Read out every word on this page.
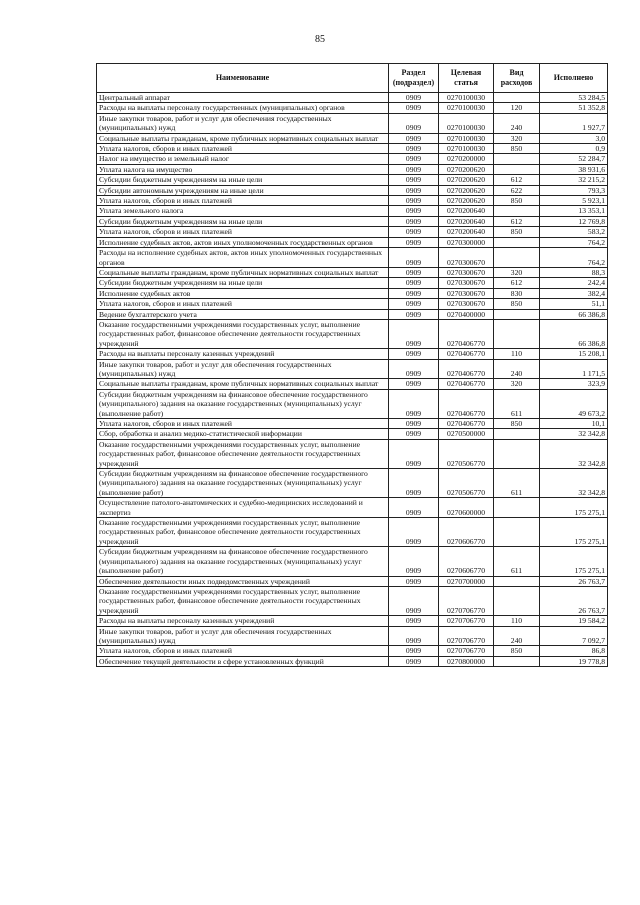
85
Наименование	Раздел (подраздел)	Целевая статья	Вид расходов	Исполнено
Центральный аппарат	0909	0270100030		53 284,5
Расходы на выплаты персоналу государственных (муниципальных) органов	0909	0270100030	120	51 352,8
Иные закупки товаров, работ и услуг для обеспечения государственных (муниципальных) нужд	0909	0270100030	240	1 927,7
Социальные выплаты гражданам, кроме публичных нормативных социальных выплат	0909	0270100030	320	3,0
Уплата налогов, сборов и иных платежей	0909	0270100030	850	0,9
Налог на имущество и земельный налог	0909	0270200000		52 284,7
Уплата налога на имущество	0909	0270200620		38 931,6
Субсидии бюджетным учреждениям на иные цели	0909	0270200620	612	32 215,2
Субсидии автономным учреждениям на иные цели	0909	0270200620	622	793,3
Уплата налогов, сборов и иных платежей	0909	0270200620	850	5 923,1
Уплата земельного налога	0909	0270200640		13 353,1
Субсидии бюджетным учреждениям на иные цели	0909	0270200640	612	12 769,8
Уплата налогов, сборов и иных платежей	0909	0270200640	850	583,2
Исполнение судебных актов, актов иных уполномоченных государственных органов	0909	0270300000		764,2
Расходы на исполнение судебных актов, актов иных уполномоченных государственных органов	0909	0270300670		764,2
Социальные выплаты гражданам, кроме публичных нормативных социальных выплат	0909	0270300670	320	88,3
Субсидии бюджетным учреждениям на иные цели	0909	0270300670	612	242,4
Исполнение судебных актов	0909	0270300670	830	382,4
Уплата налогов, сборов и иных платежей	0909	0270300670	850	51,1
Ведение бухгалтерского учета	0909	0270400000		66 386,8
Оказание государственными учреждениями государственных услуг, выполнение государственных работ, финансовое обеспечение деятельности государственных учреждений	0909	0270406770		66 386,8
Расходы на выплаты персоналу казенных учреждений	0909	0270406770	110	15 208,1
Иные закупки товаров, работ и услуг для обеспечения государственных (муниципальных) нужд	0909	0270406770	240	1 171,5
Социальные выплаты гражданам, кроме публичных нормативных социальных выплат	0909	0270406770	320	323,9
Субсидии бюджетным учреждениям на финансовое обеспечение государственного (муниципального) задания на оказание государственных (муниципальных) услуг (выполнение работ)	0909	0270406770	611	49 673,2
Уплата налогов, сборов и иных платежей	0909	0270406770	850	10,1
Сбор, обработка и анализ медико-статистической информации	0909	0270500000		32 342,8
Оказание государственными учреждениями государственных услуг, выполнение государственных работ, финансовое обеспечение деятельности государственных учреждений	0909	0270506770		32 342,8
Субсидии бюджетным учреждениям на финансовое обеспечение государственного (муниципального) задания на оказание государственных (муниципальных) услуг (выполнение работ)	0909	0270506770	611	32 342,8
Осуществление патолого-анатомических и судебно-медицинских исследований и экспертиз	0909	0270600000		175 275,1
Оказание государственными учреждениями государственных услуг, выполнение государственных работ, финансовое обеспечение деятельности государственных учреждений	0909	0270606770		175 275,1
Субсидии бюджетным учреждениям на финансовое обеспечение государственного (муниципального) задания на оказание государственных (муниципальных) услуг (выполнение работ)	0909	0270606770	611	175 275,1
Обеспечение деятельности иных подведомственных учреждений	0909	0270700000		26 763,7
Оказание государственными учреждениями государственных услуг, выполнение государственных работ, финансовое обеспечение деятельности государственных учреждений	0909	0270706770		26 763,7
Расходы на выплаты персоналу казенных учреждений	0909	0270706770	110	19 584,2
Иные закупки товаров, работ и услуг для обеспечения государственных (муниципальных) нужд	0909	0270706770	240	7 092,7
Уплата налогов, сборов и иных платежей	0909	0270706770	850	86,8
Обеспечение текущей деятельности в сфере установленных функций	0909	0270800000		19 778,8
